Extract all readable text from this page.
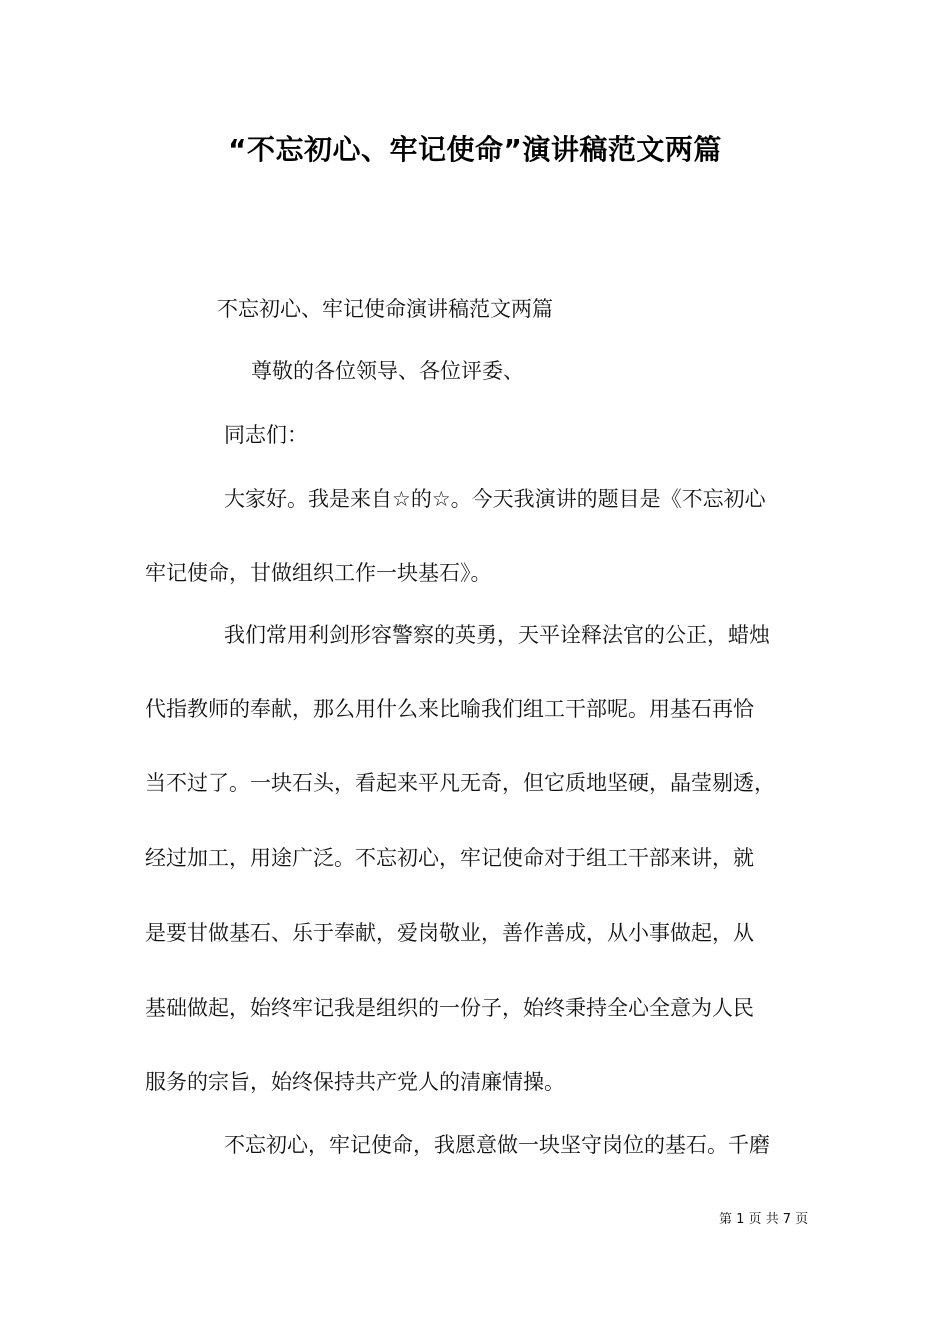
“不忘初心、牢记使命”演讲稿范文两篇
不忘初心、牢记使命演讲稿范文两篇
尊敬的各位领导、各位评委、
同志们：
大家好。我是来自☆的☆。今天我演讲的题目是《不忘初心
牢记使命，甘做组织工作一块基石》。
我们常用利剑形容警察的英勇，天平诠释法官的公正，蜡烛
代指教师的奉献，那么用什么来比喻我们组工干部呢。用基石再恰
当不过了。一块石头，看起来平凡无奇，但它质地坚硬，晶莹剔透，
经过加工，用途广泛。不忘初心，牢记使命对于组工干部来讲，就
是要甘做基石、乐于奉献，爱岗敬业，善作善成，从小事做起，从
基础做起，始终牢记我是组织的一份子，始终秉持全心全意为人民
服务的宗旨，始终保持共产党人的清廉情操。
不忘初心，牢记使命，我愿意做一块坚守岗位的基石。千磨
第 1 页 共 7 页
